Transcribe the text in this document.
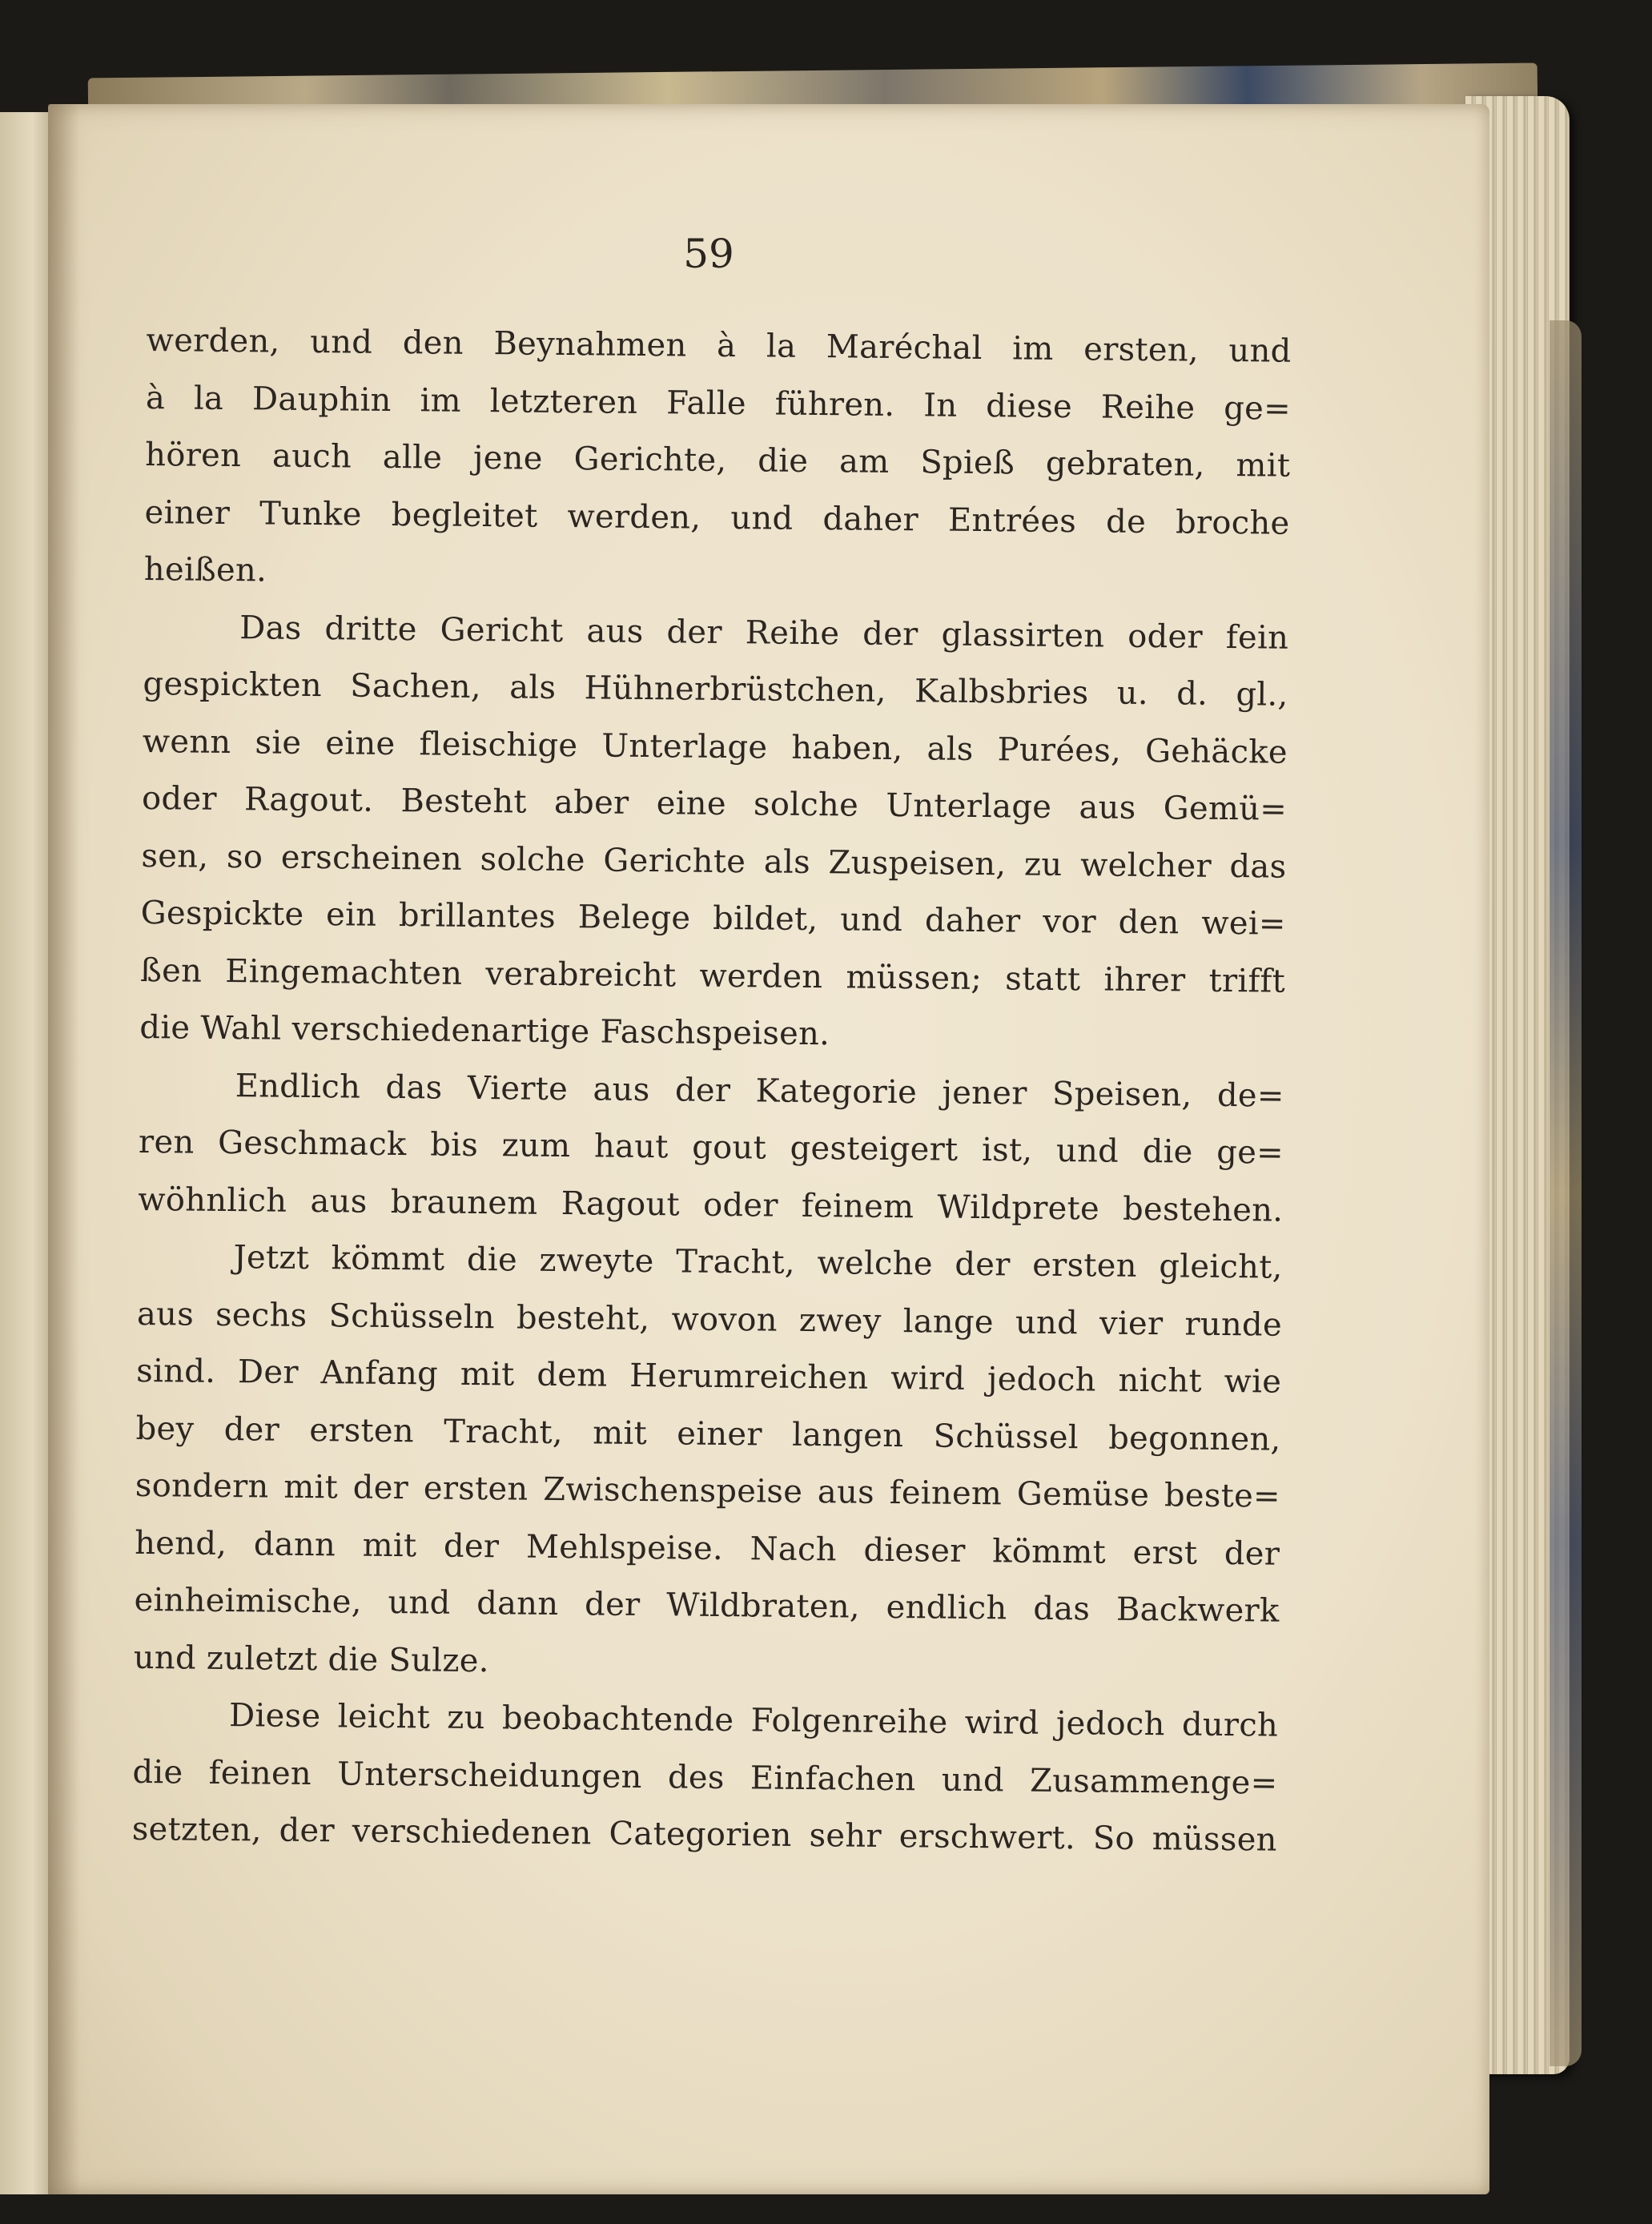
59
werden, und den Beynahmen à la Maréchal im ersten, und
à la Dauphin im letzteren Falle führen. In diese Reihe ge=
hören auch alle jene Gerichte, die am Spieß gebraten, mit
einer Tunke begleitet werden, und daher Entrées de broche
heißen.
Das dritte Gericht aus der Reihe der glassirten oder fein
gespickten Sachen, als Hühnerbrüstchen, Kalbsbries u. d. gl.,
wenn sie eine fleischige Unterlage haben, als Purées, Gehäcke
oder Ragout. Besteht aber eine solche Unterlage aus Gemü=
sen, so erscheinen solche Gerichte als Zuspeisen, zu welcher das
Gespickte ein brillantes Belege bildet, und daher vor den wei=
ßen Eingemachten verabreicht werden müssen; statt ihrer trifft
die Wahl verschiedenartige Faschspeisen.
Endlich das Vierte aus der Kategorie jener Speisen, de=
ren Geschmack bis zum haut gout gesteigert ist, und die ge=
wöhnlich aus braunem Ragout oder feinem Wildprete bestehen.
Jetzt kömmt die zweyte Tracht, welche der ersten gleicht,
aus sechs Schüsseln besteht, wovon zwey lange und vier runde
sind. Der Anfang mit dem Herumreichen wird jedoch nicht wie
bey der ersten Tracht, mit einer langen Schüssel begonnen,
sondern mit der ersten Zwischenspeise aus feinem Gemüse beste=
hend, dann mit der Mehlspeise. Nach dieser kömmt erst der
einheimische, und dann der Wildbraten, endlich das Backwerk
und zuletzt die Sulze.
Diese leicht zu beobachtende Folgenreihe wird jedoch durch
die feinen Unterscheidungen des Einfachen und Zusammenge=
setzten, der verschiedenen Categorien sehr erschwert. So müssen
